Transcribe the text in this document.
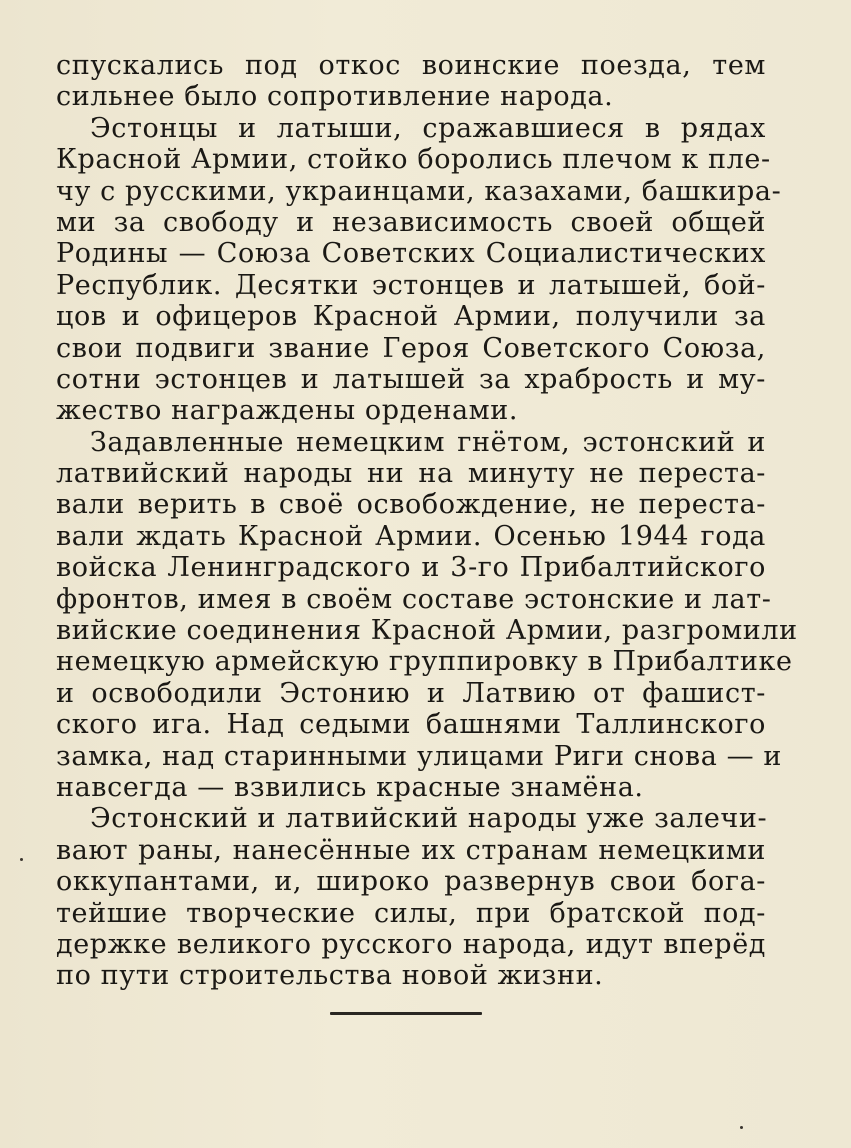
спускались под откос воинские поезда, тем
сильнее было сопротивление народа.
Эстонцы и латыши, сражавшиеся в рядах
Красной Армии, стойко боролись плечом к пле-
чу с русскими, украинцами, казахами, башкира-
ми за свободу и независимость своей общей
Родины — Союза Советских Социалистических
Республик. Десятки эстонцев и латышей, бой-
цов и офицеров Красной Армии, получили за
свои подвиги звание Героя Советского Союза,
сотни эстонцев и латышей за храбрость и му-
жество награждены орденами.
Задавленные немецким гнётом, эстонский и
латвийский народы ни на минуту не переста-
вали верить в своё освобождение, не переста-
вали ждать Красной Армии. Осенью 1944 года
войска Ленинградского и 3-го Прибалтийского
фронтов, имея в своём составе эстонские и лат-
вийские соединения Красной Армии, разгромили
немецкую армейскую группировку в Прибалтике
и освободили Эстонию и Латвию от фашист-
ского ига. Над седыми башнями Таллинского
замка, над старинными улицами Риги снова — и
навсегда — взвились красные знамёна.
Эстонский и латвийский народы уже залечи-
вают раны, нанесённые их странам немецкими
оккупантами, и, широко развернув свои бога-
тейшие творческие силы, при братской под-
держке великого русского народа, идут вперёд
по пути строительства новой жизни.
